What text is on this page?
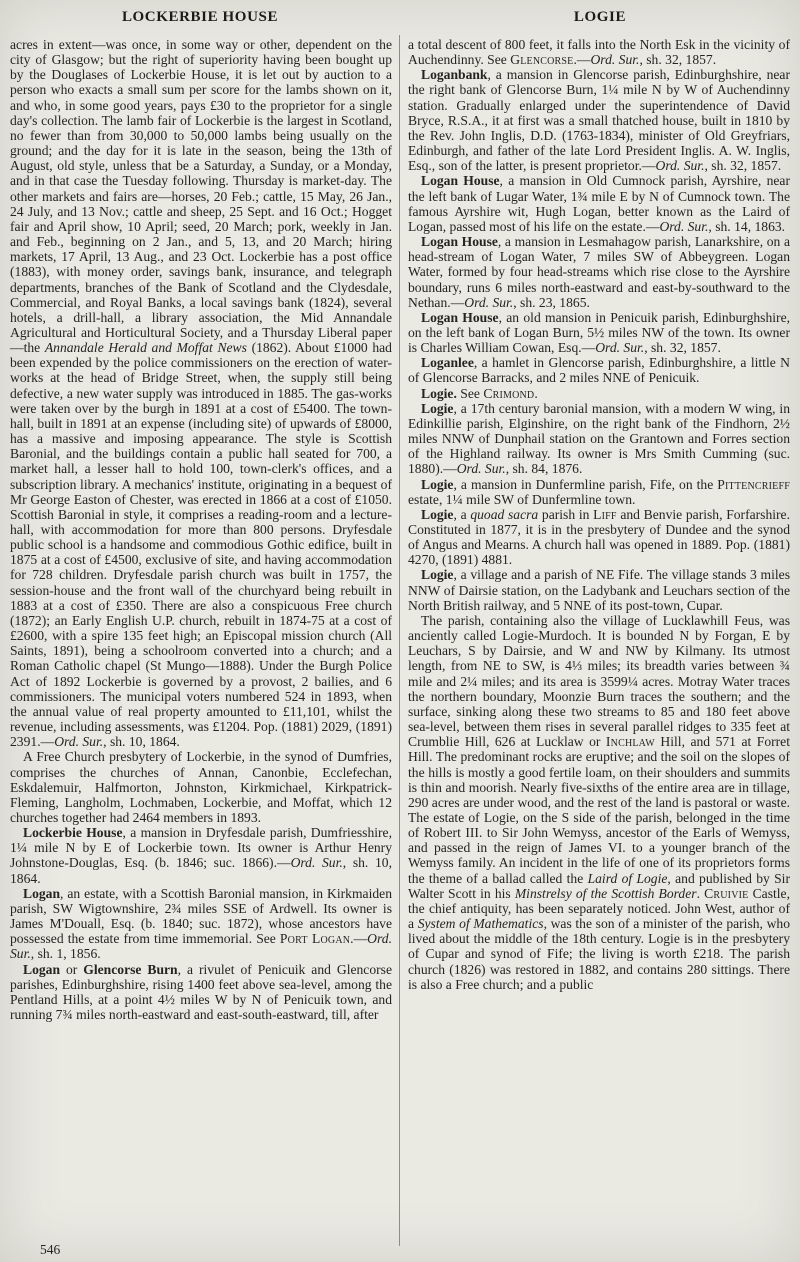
LOCKERBIE HOUSE	LOGIE

acres in extent—was once, in some way or other, dependent on the city of Glasgow; but the right of superiority having been bought up by the Douglases of Lockerbie House, it is let out by auction to a person who exacts a small sum per score for the lambs shown on it, and who, in some good years, pays £30 to the proprietor for a single day's collection. The lamb fair of Lockerbie is the largest in Scotland, no fewer than from 30,000 to 50,000 lambs being usually on the ground; and the day for it is late in the season, being the 13th of August, old style, unless that be a Saturday, a Sunday, or a Monday, and in that case the Tuesday following. Thursday is market-day. The other markets and fairs are—horses, 20 Feb.; cattle, 15 May, 26 Jan., 24 July, and 13 Nov.; cattle and sheep, 25 Sept. and 16 Oct.; Hogget fair and April show, 10 April; seed, 20 March; pork, weekly in Jan. and Feb., beginning on 2 Jan., and 5, 13, and 20 March; hiring markets, 17 April, 13 Aug., and 23 Oct. Lockerbie has a post office (1883), with money order, savings bank, insurance, and telegraph departments, branches of the Bank of Scotland and the Clydesdale, Commercial, and Royal Banks, a local savings bank (1824), several hotels, a drill-hall, a library association, the Mid Annandale Agricultural and Horticultural Society, and a Thursday Liberal paper—the Annandale Herald and Moffat News (1862). About £1000 had been expended by the police commissioners on the erection of water-works at the head of Bridge Street, when, the supply still being defective, a new water supply was introduced in 1885. The gas-works were taken over by the burgh in 1891 at a cost of £5400. The town-hall, built in 1891 at an expense (including site) of upwards of £8000, has a massive and imposing appearance. The style is Scottish Baronial, and the buildings contain a public hall seated for 700, a market hall, a lesser hall to hold 100, town-clerk's offices, and a subscription library. A mechanics' institute, originating in a bequest of Mr George Easton of Chester, was erected in 1866 at a cost of £1050. Scottish Baronial in style, it comprises a reading-room and a lecture-hall, with accommodation for more than 800 persons. Dryfesdale public school is a handsome and commodious Gothic edifice, built in 1875 at a cost of £4500, exclusive of site, and having accommodation for 728 children. Dryfesdale parish church was built in 1757, the session-house and the front wall of the churchyard being rebuilt in 1883 at a cost of £350. There are also a conspicuous Free church (1872); an Early English U.P. church, rebuilt in 1874-75 at a cost of £2600, with a spire 135 feet high; an Episcopal mission church (All Saints, 1891), being a schoolroom converted into a church; and a Roman Catholic chapel (St Mungo—1888). Under the Burgh Police Act of 1892 Lockerbie is governed by a provost, 2 bailies, and 6 commissioners. The municipal voters numbered 524 in 1893, when the annual value of real property amounted to £11,101, whilst the revenue, including assessments, was £1204. Pop. (1881) 2029, (1891) 2391.—Ord. Sur., sh. 10, 1864.

A Free Church presbytery of Lockerbie, in the synod of Dumfries, comprises the churches of Annan, Canonbie, Ecclefechan, Eskdalemuir, Halfmorton, Johnston, Kirkmichael, Kirkpatrick-Fleming, Langholm, Lochmaben, Lockerbie, and Moffat, which 12 churches together had 2464 members in 1893.

Lockerbie House, a mansion in Dryfesdale parish, Dumfriesshire, 1¼ mile N by E of Lockerbie town. Its owner is Arthur Henry Johnstone-Douglas, Esq. (b. 1846; suc. 1866).—Ord. Sur., sh. 10, 1864.

Logan, an estate, with a Scottish Baronial mansion, in Kirkmaiden parish, SW Wigtownshire, 2¾ miles SSE of Ardwell. Its owner is James M'Douall, Esq. (b. 1840; suc. 1872), whose ancestors have possessed the estate from time immemorial. See Port Logan.—Ord. Sur., sh. 1, 1856.

Logan or Glencorse Burn, a rivulet of Penicuik and Glencorse parishes, Edinburghshire, rising 1400 feet above sea-level, among the Pentland Hills, at a point 4½ miles W by N of Penicuik town, and running 7¾ miles north-eastward and east-south-eastward, till, after

a total descent of 800 feet, it falls into the North Esk in the vicinity of Auchendinny. See Glencorse.—Ord. Sur., sh. 32, 1857.

Loganbank, a mansion in Glencorse parish, Edinburghshire, near the right bank of Glencorse Burn, 1¼ mile N by W of Auchendinny station. Gradually enlarged under the superintendence of David Bryce, R.S.A., it at first was a small thatched house, built in 1810 by the Rev. John Inglis, D.D. (1763-1834), minister of Old Greyfriars, Edinburgh, and father of the late Lord President Inglis. A. W. Inglis, Esq., son of the latter, is present proprietor.—Ord. Sur., sh. 32, 1857.

Logan House, a mansion in Old Cumnock parish, Ayrshire, near the left bank of Lugar Water, 1¾ mile E by N of Cumnock town. The famous Ayrshire wit, Hugh Logan, better known as the Laird of Logan, passed most of his life on the estate.—Ord. Sur., sh. 14, 1863.

Logan House, a mansion in Lesmahagow parish, Lanarkshire, on a head-stream of Logan Water, 7 miles SW of Abbeygreen. Logan Water, formed by four head-streams which rise close to the Ayrshire boundary, runs 6 miles north-eastward and east-by-southward to the Nethan.—Ord. Sur., sh. 23, 1865.

Logan House, an old mansion in Penicuik parish, Edinburghshire, on the left bank of Logan Burn, 5½ miles NW of the town. Its owner is Charles William Cowan, Esq.—Ord. Sur., sh. 32, 1857.

Loganlee, a hamlet in Glencorse parish, Edinburghshire, a little N of Glencorse Barracks, and 2 miles NNE of Penicuik.

Logie. See Crimond.

Logie, a 17th century baronial mansion, with a modern W wing, in Edinkillie parish, Elginshire, on the right bank of the Findhorn, 2½ miles NNW of Dunphail station on the Grantown and Forres section of the Highland railway. Its owner is Mrs Smith Cumming (suc. 1880).—Ord. Sur., sh. 84, 1876.

Logie, a mansion in Dunfermline parish, Fife, on the Pittencrieff estate, 1¼ mile SW of Dunfermline town.

Logie, a quoad sacra parish in Liff and Benvie parish, Forfarshire. Constituted in 1877, it is in the presbytery of Dundee and the synod of Angus and Mearns. A church hall was opened in 1889. Pop. (1881) 4270, (1891) 4881.

Logie, a village and a parish of NE Fife. The village stands 3 miles NNW of Dairsie station, on the Ladybank and Leuchars section of the North British railway, and 5 NNE of its post-town, Cupar.

The parish, containing also the village of Lucklawhill Feus, was anciently called Logie-Murdoch. It is bounded N by Forgan, E by Leuchars, S by Dairsie, and W and NW by Kilmany. Its utmost length, from NE to SW, is 4⅓ miles; its breadth varies between ¾ mile and 2¼ miles; and its area is 3599¼ acres. Motray Water traces the northern boundary, Moonzie Burn traces the southern; and the surface, sinking along these two streams to 85 and 180 feet above sea-level, between them rises in several parallel ridges to 335 feet at Crumblie Hill, 626 at Lucklaw or Inchlaw Hill, and 571 at Forret Hill. The predominant rocks are eruptive; and the soil on the slopes of the hills is mostly a good fertile loam, on their shoulders and summits is thin and moorish. Nearly five-sixths of the entire area are in tillage, 290 acres are under wood, and the rest of the land is pastoral or waste. The estate of Logie, on the S side of the parish, belonged in the time of Robert III. to Sir John Wemyss, ancestor of the Earls of Wemyss, and passed in the reign of James VI. to a younger branch of the Wemyss family. An incident in the life of one of its proprietors forms the theme of a ballad called the Laird of Logie, and published by Sir Walter Scott in his Minstrelsy of the Scottish Border. Cruivie Castle, the chief antiquity, has been separately noticed. John West, author of a System of Mathematics, was the son of a minister of the parish, who lived about the middle of the 18th century. Logie is in the presbytery of Cupar and synod of Fife; the living is worth £218. The parish church (1826) was restored in 1882, and contains 280 sittings. There is also a Free church; and a public

546
